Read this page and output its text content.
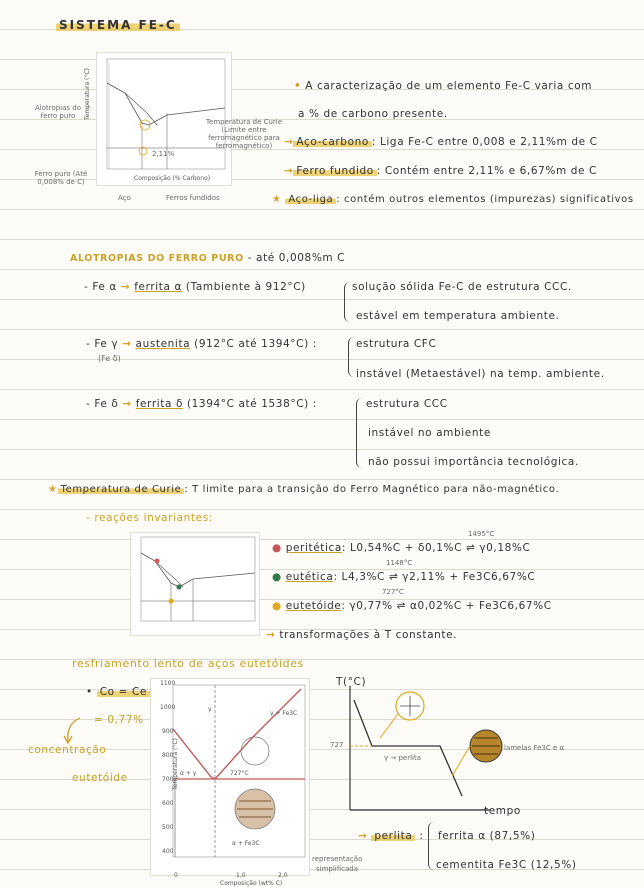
SISTEMA FE-C
Temperatura (°C)
Alotropias do ferro puro
Ferro puro (Até 0,008% de C)
Temperatura de Curie (Limite entre ferromagnético para ferromagnético)
2,11%
Composição (% Carbono)
Aço	Ferros fundidos
• A caracterização de um elemento Fe-C varia com
a % de carbono presente.
→ Aço-carbono : Liga Fe-C entre 0,008 e 2,11%m de C
→ Ferro fundido : Contém entre 2,11% e 6,67%m de C
★ Aço-liga : contém outros elementos (impurezas) significativos
ALOTROPIAS DO FERRO PURO - até 0,008%m C
- Fe α → ferrita α (Tambiente à 912°C)	solução sólida Fe-C de estrutura CCC.
estável em temperatura ambiente.
- Fe γ → austenita (912°C até 1394°C) :
(Fe δ)
estrutura CFC
instável (Metaestável) na temp. ambiente.
- Fe δ → ferrita δ (1394°C até 1538°C) :	estrutura CCC
instável no ambiente
não possui importância tecnológica.
★ Temperatura de Curie : T limite para a transição do Ferro Magnético para não-magnético.
- reações invariantes:
● peritética: L0,54%C + δ0,1%C ⇌ γ0,18%C
1495°C
● eutética: L4,3%C ⇌ γ2,11% + Fe3C6,67%C
1148°C
● eutetóide: γ0,77% ⇌ α0,02%C + Fe3C6,67%C
727°C
→ transformações à T constante.
resfriamento lento de aços eutetóides
• Co = Ce
= 0,77%
concentração
eutetóide
1100
1000
900
800
700
600
500
400
0	1,0	2,0
Composição (wt% C)
Temperatura (°C)	727°C
γ + Fe3C
α + Fe3C
γ
α + γ
representação
simplificada
T(°C)
tempo
727
γ → perlita
lamelas Fe3C e α
→ perlita : ferrita α (87,5%)
cementita Fe3C (12,5%)
